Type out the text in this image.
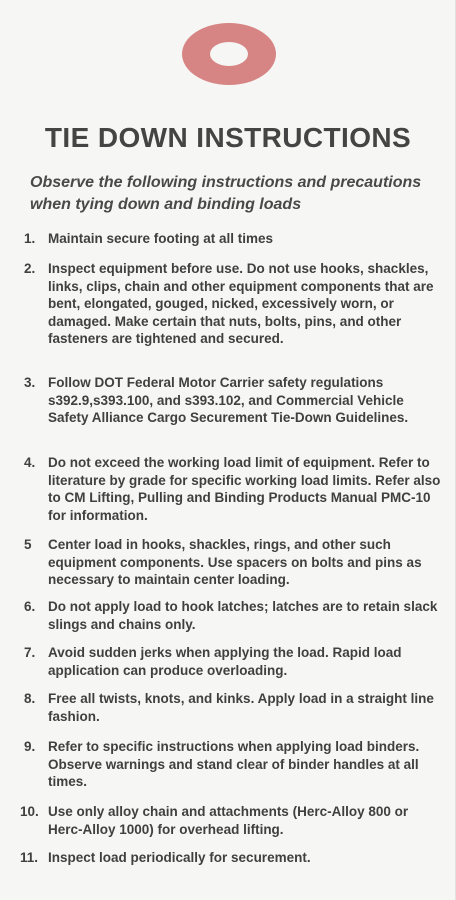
TIE DOWN INSTRUCTIONS

Observe the following instructions and precautions
when tying down and binding loads

1. Maintain secure footing at all times
2. Inspect equipment before use. Do not use hooks, shackles, links, clips, chain and other equipment components that are bent, elongated, gouged, nicked, excessively worn, or damaged. Make certain that nuts, bolts, pins, and other fasteners are tightened and secured.
3. Follow DOT Federal Motor Carrier safety regulations s392.9,s393.100, and s393.102, and Commercial Vehicle Safety Alliance Cargo Securement Tie-Down Guidelines.
4. Do not exceed the working load limit of equipment. Refer to literature by grade for specific working load limits. Refer also to CM Lifting, Pulling and Binding Products Manual PMC-10 for information.
5	Center load in hooks, shackles, rings, and other such equipment components. Use spacers on bolts and pins as necessary to maintain center loading.
6. Do not apply load to hook latches; latches are to retain slack slings and chains only.
7. Avoid sudden jerks when applying the load. Rapid load application can produce overloading.
8. Free all twists, knots, and kinks. Apply load in a straight line fashion.
9. Refer to specific instructions when applying load binders. Observe warnings and stand clear of binder handles at all times.
10. Use only alloy chain and attachments (Herc-Alloy 800 or Herc-Alloy 1000) for overhead lifting.
11. Inspect load periodically for securement.
